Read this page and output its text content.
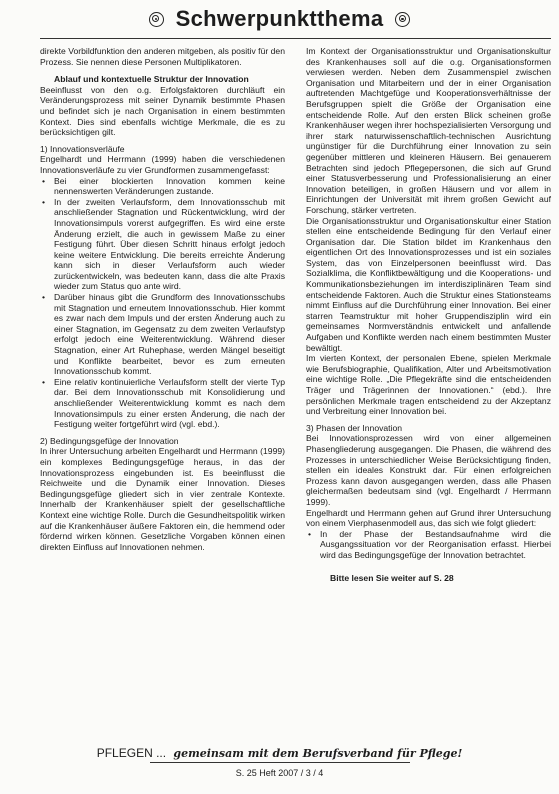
Schwerpunktthema

direkte Vorbildfunktion den anderen mitgeben, als positiv für den Prozess. Sie nennen diese Personen Multiplikatoren.

Ablauf und kontextuelle Struktur der Innovation

Beeinflusst von den o.g. Erfolgsfaktoren durchläuft ein Veränderungsprozess mit seiner Dynamik bestimmte Phasen und befindet sich je nach Organisation in einem bestimmten Kontext. Dies sind ebenfalls wichtige Merkmale, die es zu berücksichtigen gilt.

1) Innovationsverläufe

Engelhardt und Herrmann (1999) haben die verschiedenen Innovationsverläufe zu vier Grundformen zusammengefasst:

• Bei einer blockierten Innovation kommen keine nennenswerten Veränderungen zustande.
• In der zweiten Verlaufsform, dem Innovationsschub mit anschließender Stagnation und Rückentwicklung, wird der Innovationsimpuls vorerst aufgegriffen. Es wird eine erste Änderung erzielt, die auch in gewissem Maße zu einer Festigung führt. Über diesen Schritt hinaus erfolgt jedoch keine weitere Entwicklung. Die bereits erreichte Änderung kann sich in dieser Verlaufsform auch wieder zurückentwickeln, was bedeuten kann, dass die alte Praxis wieder zum Status quo ante wird.
• Darüber hinaus gibt die Grundform des Innovationsschubs mit Stagnation und erneutem Innovationsschub. Hier kommt es zwar nach dem Impuls und der ersten Änderung auch zu einer Stagnation, im Gegensatz zu dem zweiten Verlaufstyp erfolgt jedoch eine Weiterentwicklung. Während dieser Stagnation, einer Art Ruhephase, werden Mängel beseitigt und Konflikte bearbeitet, bevor es zum erneuten Innovationsschub kommt.
• Eine relativ kontinuierliche Verlaufsform stellt der vierte Typ dar. Bei dem Innovationsschub mit Konsolidierung und anschließender Weiterentwicklung kommt es nach dem Innovationsimpuls zu einer ersten Änderung, die nach der Festigung weiter fortgeführt wird (vgl. ebd.).

2) Bedingungsgefüge der Innovation

In ihrer Untersuchung arbeiten Engelhardt und Herrmann (1999) ein komplexes Bedingungsgefüge heraus, in das der Innovationsprozess eingebunden ist. Es beeinflusst die Reichweite und die Dynamik einer Innovation. Dieses Bedingungsgefüge gliedert sich in vier zentrale Kontexte. Innerhalb der Krankenhäuser spielt der gesellschaftliche Kontext eine wichtige Rolle. Durch die Gesundheitspolitik wirken auf die Krankenhäuser äußere Faktoren ein, die hemmend oder fördernd wirken können. Gesetzliche Vorgaben können einen direkten Einfluss auf Innovationen nehmen.

Im Kontext der Organisationsstruktur und Organisationskultur des Krankenhauses soll auf die o.g. Organisationsformen verwiesen werden. Neben dem Zusammenspiel zwischen Organisation und Mitarbeitern und der in einer Organisation auftretenden Machtgefüge und Kooperationsverhältnisse der Berufsgruppen spielt die Größe der Organisation eine entscheidende Rolle. Auf den ersten Blick scheinen große Krankenhäuser wegen ihrer hochspezialisierten Versorgung und ihrer stark naturwissenschaftlich-technischen Ausrichtung ungünstiger für die Durchführung einer Innovation zu sein gegenüber mittleren und kleineren Häusern. Bei genauerem Betrachten sind jedoch Pflegepersonen, die sich auf Grund einer Statusverbesserung und Professionalisierung an einer Innovation beteiligen, in großen Häusern und vor allem in Einrichtungen der Universität mit ihrem großen Gewicht auf Forschung, stärker vertreten.

Die Organisationsstruktur und Organisationskultur einer Station stellen eine entscheidende Bedingung für den Verlauf einer Organisation dar. Die Station bildet im Krankenhaus den eigentlichen Ort des Innovationsprozesses und ist ein soziales System, das von Einzelpersonen beeinflusst wird. Das Sozialklima, die Konfliktbewältigung und die Kooperations- und Kommunikationsbeziehungen im interdisziplinären Team sind entscheidende Faktoren. Auch die Struktur eines Stationsteams nimmt Einfluss auf die Durchführung einer Innovation. Bei einer starren Teamstruktur mit hoher Gruppendisziplin wird ein gemeinsames Normverständnis entwickelt und anfallende Aufgaben und Konflikte werden nach einem bestimmten Muster bewältigt.

Im vierten Kontext, der personalen Ebene, spielen Merkmale wie Berufsbiographie, Qualifikation, Alter und Arbeitsmotivation eine wichtige Rolle. „Die Pflegekräfte sind die entscheidenden Träger und Trägerinnen der Innovationen.“ (ebd.). Ihre persönlichen Merkmale tragen entscheidend zu der Akzeptanz und Verbreitung einer Innovation bei.

3) Phasen der Innovation

Bei Innovationsprozessen wird von einer allgemeinen Phasengliederung ausgegangen. Die Phasen, die während des Prozesses in unterschiedlicher Weise Berücksichtigung finden, stellen ein ideales Konstrukt dar. Für einen erfolgreichen Prozess kann davon ausgegangen werden, dass alle Phasen gleichermaßen bedeutsam sind (vgl. Engelhardt / Herrmann 1999).

Engelhardt und Herrmann gehen auf Grund ihrer Untersuchung von einem Vierphasenmodell aus, das sich wie folgt gliedert:

• In der Phase der Bestandsaufnahme wird die Ausgangssituation vor der Reorganisation erfasst. Hierbei wird das Bedingungsgefüge der Innovation betrachtet.

Bitte lesen Sie weiter auf S. 28

PFLEGEN ... gemeinsam mit dem Berufsverband für Pflege!
S. 25 Heft 2007 / 3 / 4
